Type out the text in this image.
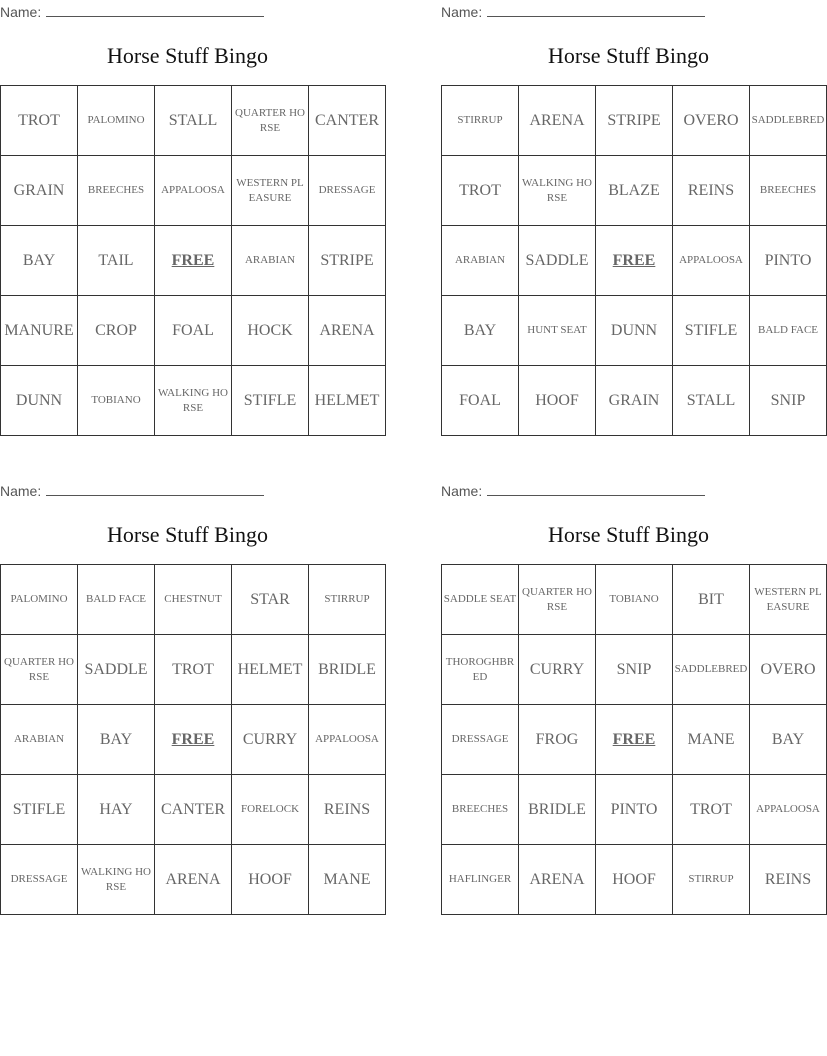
Name:
Horse Stuff Bingo
TROT	PALOMINO	STALL	QUARTER HORSE	CANTER
GRAIN	BREECHES	APPALOOSA	WESTERN PLEASURE	DRESSAGE
BAY	TAIL	FREE	ARABIAN	STRIPE
MANURE	CROP	FOAL	HOCK	ARENA
DUNN	TOBIANO	WALKING HORSE	STIFLE	HELMET
Name:
Horse Stuff Bingo
STIRRUP	ARENA	STRIPE	OVERO	SADDLEBRED
TROT	WALKING HORSE	BLAZE	REINS	BREECHES
ARABIAN	SADDLE	FREE	APPALOOSA	PINTO
BAY	HUNT SEAT	DUNN	STIFLE	BALD FACE
FOAL	HOOF	GRAIN	STALL	SNIP
Name:
Horse Stuff Bingo
PALOMINO	BALD FACE	CHESTNUT	STAR	STIRRUP
QUARTER HORSE	SADDLE	TROT	HELMET	BRIDLE
ARABIAN	BAY	FREE	CURRY	APPALOOSA
STIFLE	HAY	CANTER	FORELOCK	REINS
DRESSAGE	WALKING HORSE	ARENA	HOOF	MANE
Name:
Horse Stuff Bingo
SADDLE SEAT	QUARTER HORSE	TOBIANO	BIT	WESTERN PLEASURE
THOROGHBRED	CURRY	SNIP	SADDLEBRED	OVERO
DRESSAGE	FROG	FREE	MANE	BAY
BREECHES	BRIDLE	PINTO	TROT	APPALOOSA
HAFLINGER	ARENA	HOOF	STIRRUP	REINS
